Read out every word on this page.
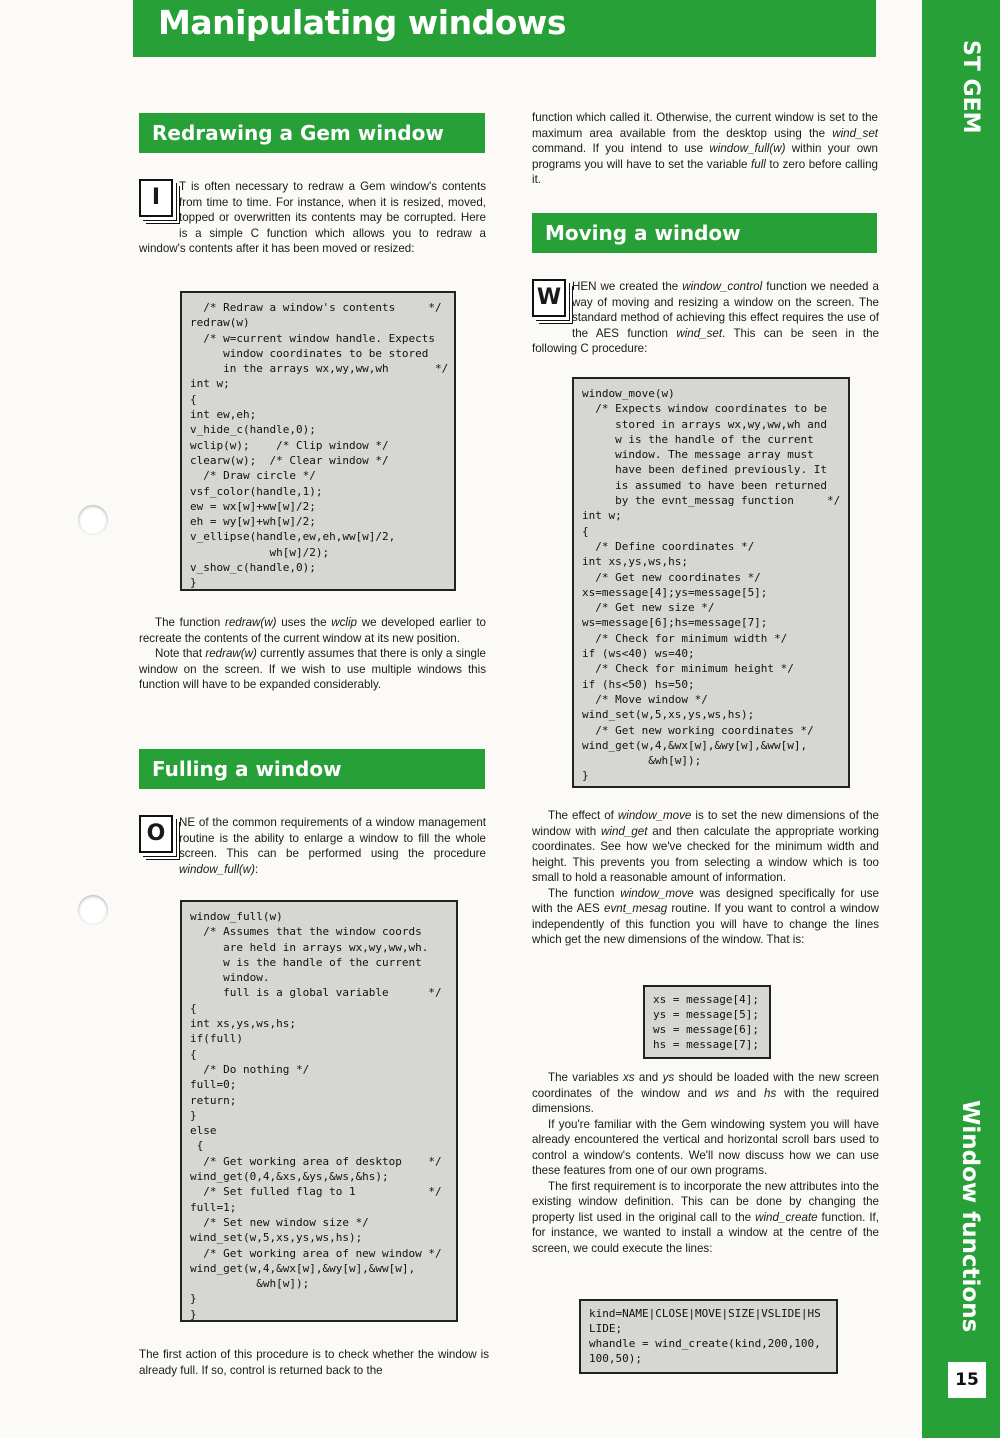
Manipulating windows
ST GEM
Window functions
15
Redrawing a Gem window
I	T is often necessary to redraw a Gem window's contents from time to time. For instance, when it is resized, moved, topped or overwritten its contents may be corrupted. Here is a simple C function which allows you to redraw a window's contents after it has been moved or resized:

/* Redraw a window's contents     */
redraw(w)
/* w=current window handle. Expects
window coordinates to be stored
in the arrays wx,wy,ww,wh       */
int w;
{
int ew,eh;
v_hide_c(handle,0);
wclip(w);    /* Clip window */
clearw(w);  /* Clear window */
/* Draw circle */
vsf_color(handle,1);
ew = wx[w]+ww[w]/2;
eh = wy[w]+wh[w]/2;
v_ellipse(handle,ew,eh,ww[w]/2,
wh[w]/2);
v_show_c(handle,0);
}

The function redraw(w) uses the wclip we developed earlier to recreate the contents of the current window at its new position.

Note that redraw(w) currently assumes that there is only a single window on the screen. If we wish to use multiple windows this function will have to be expanded considerably.

Fulling a window
O	NE of the common requirements of a window management routine is the ability to enlarge a window to fill the whole screen. This can be performed using the procedure window_full(w):

window_full(w)
/* Assumes that the window coords
are held in arrays wx,wy,ww,wh.
w is the handle of the current
window.
full is a global variable      */
{
int xs,ys,ws,hs;
if(full)
{
/* Do nothing */
full=0;
return;
}
else
{
/* Get working area of desktop    */
wind_get(0,4,&xs,&ys,&ws,&hs);
/* Set fulled flag to 1           */
full=1;
/* Set new window size */
wind_set(w,5,xs,ys,ws,hs);
/* Get working area of new window */
wind_get(w,4,&wx[w],&wy[w],&ww[w],
&wh[w]);
}
}
The first action of this procedure is to check whether the window is already full. If so, control is returned back to the

function which called it. Otherwise, the current window is set to the maximum area available from the desktop using the wind_set command. If you intend to use window_full(w) within your own programs you will have to set the variable full to zero before calling it.

Moving a window
W HEN we created the window_control function we needed a way of moving and resizing a window on the screen. The standard method of achieving this effect requires the use of the AES function wind_set. This can be seen in the following C procedure:

window_move(w)
/* Expects window coordinates to be
stored in arrays wx,wy,ww,wh and
w is the handle of the current
window. The message array must
have been defined previously. It
is assumed to have been returned
by the evnt_messag function     */
int w;
{
/* Define coordinates */
int xs,ys,ws,hs;
/* Get new coordinates */
xs=message[4];ys=message[5];
/* Get new size */
ws=message[6];hs=message[7];
/* Check for minimum width */
if (ws<40) ws=40;
/* Check for minimum height */
if (hs<50) hs=50;
/* Move window */
wind_set(w,5,xs,ys,ws,hs);
/* Get new working coordinates */
wind_get(w,4,&wx[w],&wy[w],&ww[w],
&wh[w]);
}

The effect of window_move is to set the new dimensions of the window with wind_get and then calculate the appropriate working coordinates. See how we've checked for the minimum width and height. This prevents you from selecting a window which is too small to hold a reasonable amount of information.

The function window_move was designed specifically for use with the AES evnt_mesag routine. If you want to control a window independently of this function you will have to change the lines which get the new dimensions of the window. That is:

xs = message[4];
ys = message[5];
ws = message[6];
hs = message[7];

The variables xs and ys should be loaded with the new screen coordinates of the window and ws and hs with the required dimensions.

If you're familiar with the Gem windowing system you will have already encountered the vertical and horizontal scroll bars used to control a window's contents. We'll now discuss how we can use these features from one of our own programs.

The first requirement is to incorporate the new attributes into the existing window definition. This can be done by changing the property list used in the original call to the wind_create function. If, for instance, we wanted to install a window at the centre of the screen, we could execute the lines:

kind=NAME|CLOSE|MOVE|SIZE|VSLIDE|HS
LIDE;
whandle = wind_create(kind,200,100,
100,50);
